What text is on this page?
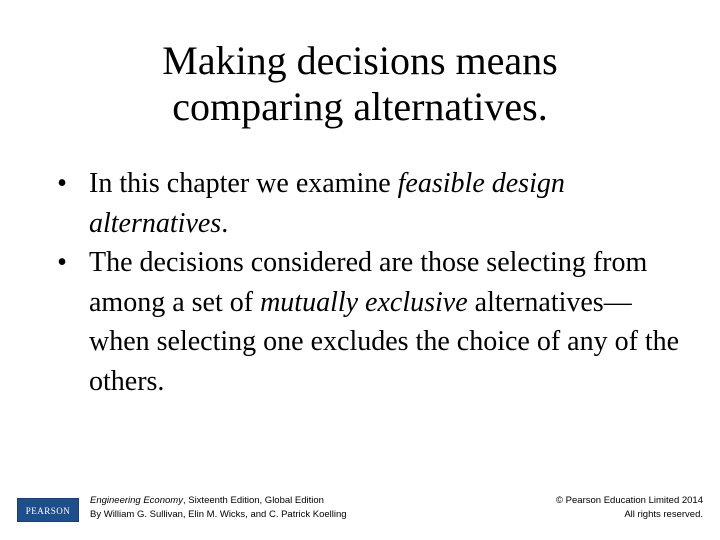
Making decisions means
comparing alternatives.
• In this chapter we examine feasible design alternatives.
• The decisions considered are those selecting from among a set of mutually exclusive alternatives—when selecting one excludes the choice of any of the others.
PEARSON
Engineering Economy, Sixteenth Edition, Global Edition
By William G. Sullivan, Elin M. Wicks, and C. Patrick Koelling
© Pearson Education Limited 2014
All rights reserved.
